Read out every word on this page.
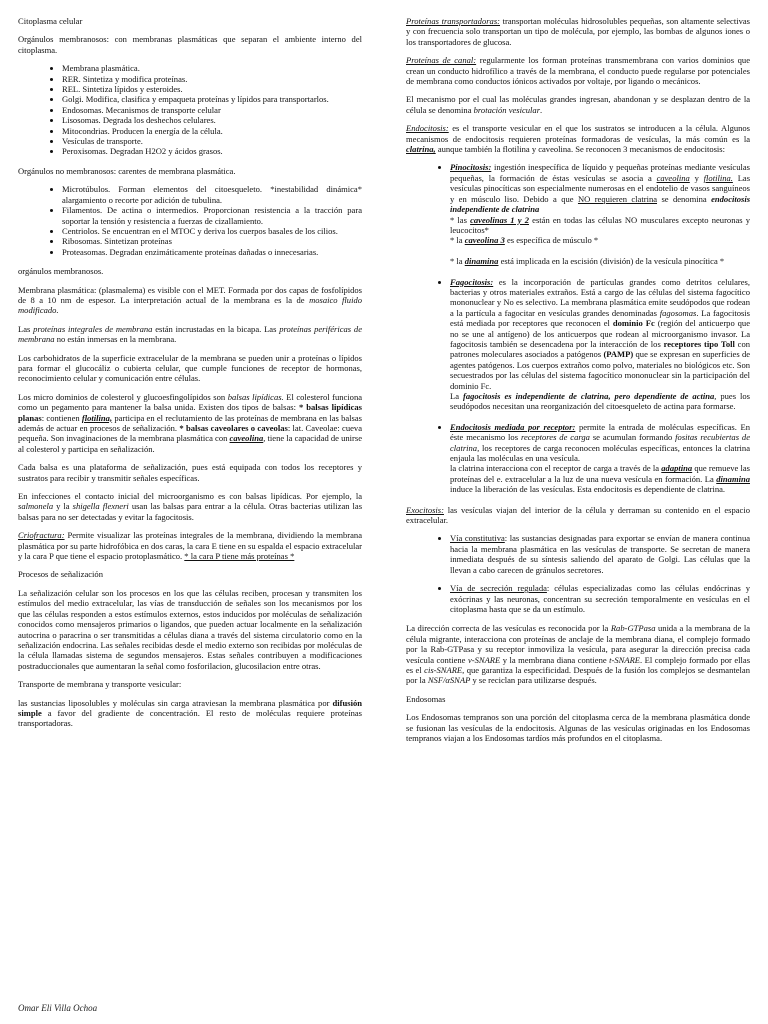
Citoplasma celular

Orgánulos membranosos: con membranas plasmáticas que separan el ambiente interno del citoplasma.

• Membrana plasmática.
• RER. Sintetiza y modifica proteínas.
• REL. Sintetiza lípidos y esteroides.
• Golgi. Modifica, clasifica y empaqueta proteínas y lípidos para transportarlos.
• Endosomas. Mecanismos de transporte celular
• Lisosomas. Degrada los deshechos celulares.
• Mitocondrias. Producen la energía de la célula.
• Vesículas de transporte.
• Peroxisomas. Degradan H2O2 y ácidos grasos.

Orgánulos no membranosos: carentes de membrana plasmática.

• Microtúbulos. Forman elementos del citoesqueleto. *inestabilidad dinámica* alargamiento o recorte por adición de tubulina.
• Filamentos. De actina o intermedios. Proporcionan resistencia a la tracción para soportar la tensión y resistencia a fuerzas de cizallamiento.
• Centriolos. Se encuentran en el MTOC y deriva los cuerpos basales de los cilios.
• Ribosomas. Sintetizan proteínas
• Proteasomas. Degradan enzimáticamente proteínas dañadas o innecesarias.

orgánulos membranosos.

Membrana plasmática: (plasmalema) es visible con el MET. Formada por dos capas de fosfolípidos de 8 a 10 nm de espesor. La interpretación actual de la membrana es la de mosaico fluido modificado.

Las proteínas integrales de membrana están incrustadas en la bicapa. Las proteínas periféricas de membrana no están inmersas en la membrana.

Los carbohidratos de la superficie extracelular de la membrana se pueden unir a proteínas o lípidos para formar el glucocáliz o cubierta celular, que cumple funciones de receptor de hormonas, reconocimiento celular y comunicación entre células.

Los micro dominios de colesterol y glucoesfingolípidos son balsas lipídicas. El colesterol funciona como un pegamento para mantener la balsa unida. Existen dos tipos de balsas: * balsas lipídicas planas: contienen flotilina, participa en el reclutamiento de las proteínas de membrana en las balsas además de actuar en procesos de señalización. * balsas caveolares o caveolas: lat. Caveolae: cueva pequeña. Son invaginaciones de la membrana plasmática con caveolina, tiene la capacidad de unirse al colesterol y participa en señalización.

Cada balsa es una plataforma de señalización, pues está equipada con todos los receptores y sustratos para recibir y transmitir señales específicas.

En infecciones el contacto inicial del microorganismo es con balsas lipídicas. Por ejemplo, la salmonela y la shigella flexneri usan las balsas para entrar a la célula. Otras bacterias utilizan las balsas para no ser detectadas y evitar la fagocitosis.

Criofractura: Permite visualizar las proteínas integrales de la membrana, dividiendo la membrana plasmática por su parte hidrofóbica en dos caras, la cara E tiene en su espalda el espacio extracelular y la cara P que tiene el espacio protoplasmático. * la cara P tiene más proteínas *

Procesos de señalización

La señalización celular son los procesos en los que las células reciben, procesan y transmiten los estímulos del medio extracelular, las vías de transducción de señales son los mecanismos por los que las células responden a estos estímulos externos, estos inducidos por moléculas de señalización conocidos como mensajeros primarios o ligandos, que pueden actuar localmente en la señalización autocrina o paracrina o ser transmitidas a células diana a través del sistema circulatorio como en la señalización endocrina. Las señales recibidas desde el medio externo son recibidas por moléculas de la célula llamadas sistema de segundos mensajeros. Estas señales contribuyen a modificaciones postraduccionales que aumentaran la señal como fosforilacion, glucosilacion entre otras.

Transporte de membrana y transporte vesicular:

las sustancias liposolubles y moléculas sin carga atraviesan la membrana plasmática por difusión simple a favor del gradiente de concentración. El resto de moléculas requiere proteínas transportadoras.

Proteínas transportadoras: transportan moléculas hidrosolubles pequeñas, son altamente selectivas y con frecuencia solo transportan un tipo de molécula, por ejemplo, las bombas de algunos iones o los transportadores de glucosa.

Proteínas de canal: regularmente los forman proteínas transmembrana con varios dominios que crean un conducto hidrofílico a través de la membrana, el conducto puede regularse por potenciales de membrana como conductos iónicos activados por voltaje, por ligando o mecánicos.

El mecanismo por el cual las moléculas grandes ingresan, abandonan y se desplazan dentro de la célula se denomina brotación vesicular.

Endocitosis: es el transporte vesicular en el que los sustratos se introducen a la célula. Algunos mecanismos de endocitosis requieren proteínas formadoras de vesículas, la más común es la clatrina, aunque también la flotilina y caveolina. Se reconocen 3 mecanismos de endocitosis:

• Pinocitosis: ingestión inespecífica de líquido y pequeñas proteínas mediante vesículas pequeñas, la formación de éstas vesículas se asocia a caveolina y flotilina. Las vesículas pinocíticas son especialmente numerosas en el endotelio de vasos sanguíneos y en músculo liso. Debido a que NO requieren clatrina se denomina endocitosis independiente de clatrina
* las caveolinas 1 y 2 están en todas las células NO musculares excepto neuronas y leucocitos*
* la caveolina 3 es específica de músculo *

* la dinamina está implicada en la escisión (división) de la vesícula pinocítica *
• Fagocitosis: es la incorporación de partículas grandes como detritos celulares, bacterias y otros materiales extraños. Está a cargo de las células del sistema fagocítico mononuclear y No es selectivo. La membrana plasmática emite seudópodos que rodean a la partícula a fagocitar en vesículas grandes denominadas fagosomas. La fagocitosis está mediada por receptores que reconocen el dominio Fc (región del anticuerpo que no se une al antígeno) de los anticuerpos que rodean al microorganismo invasor. La fagocitosis también se desencadena por la interacción de los receptores tipo Toll con patrones moleculares asociados a patógenos (PAMP) que se expresan en superficies de agentes patógenos. Los cuerpos extraños como polvo, materiales no biológicos etc. Son secuestrados por las células del sistema fagocítico mononuclear sin la participación del dominio Fc.
La fagocitosis es independiente de clatrina, pero dependiente de actina, pues los seudópodos necesitan una reorganización del citoesqueleto de actina para formarse.
• Endocitosis mediada por receptor: permite la entrada de moléculas específicas. En éste mecanismo los receptores de carga se acumulan formando fositas recubiertas de clatrina, los receptores de carga reconocen moléculas específicas, entonces la clatrina enjaula las moléculas en una vesícula.
la clatrina interacciona con el receptor de carga a través de la adaptina que remueve las proteínas del e. extracelular a la luz de una nueva vesícula en formación. La dinamina induce la liberación de las vesículas. Esta endocitosis es dependiente de clatrina.

Exocitosis: las vesículas viajan del interior de la célula y derraman su contenido en el espacio extracelular.

• Vía constitutiva: las sustancias designadas para exportar se envían de manera continua hacia la membrana plasmática en las vesículas de transporte. Se secretan de manera inmediata después de su síntesis saliendo del aparato de Golgi. Las células que la llevan a cabo carecen de gránulos secretores.
• Vía de secreción regulada: células especializadas como las células endócrinas y exócrinas y las neuronas, concentran su secreción temporalmente en vesículas en el citoplasma hasta que se da un estímulo.

La dirección correcta de las vesículas es reconocida por la Rab-GTPasa unida a la membrana de la célula migrante, interacciona con proteínas de anclaje de la membrana diana, el complejo formado por la Rab-GTPasa y su receptor inmoviliza la vesícula, para asegurar la dirección precisa cada vesícula contiene v-SNARE y la membrana diana contiene t-SNARE. El complejo formado por ellas es el cis-SNARE, que garantiza la especificidad. Después de la fusión los complejos se desmantelan por la NSF/αSNAP y se reciclan para utilizarse después.

Endosomas

Los Endosomas tempranos son una porción del citoplasma cerca de la membrana plasmática donde se fusionan las vesículas de la endocitosis. Algunas de las vesículas originadas en los Endosomas tempranos viajan a los Endosomas tardíos más profundos en el citoplasma.

Omar Eli Villa Ochoa
